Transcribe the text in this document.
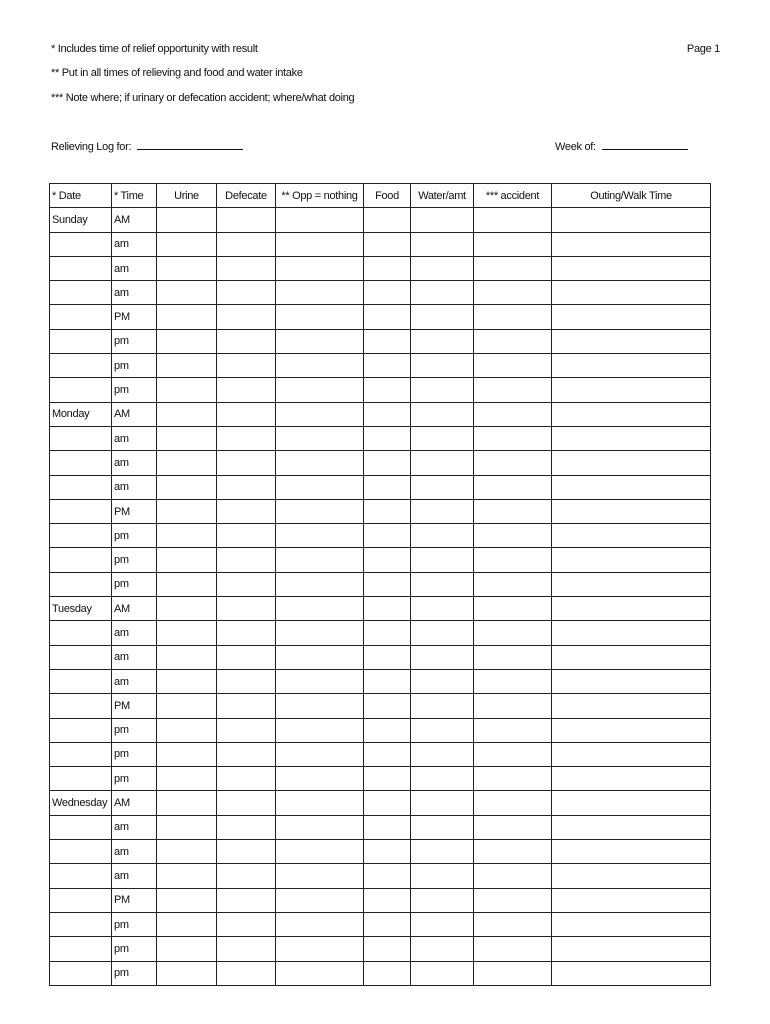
* Includes time of relief opportunity with result
** Put in all times of relieving and food and water intake
*** Note where; if urinary or defecation accident; where/what doing
Page 1
Relieving Log for:	Week of:
* Date	* Time	Urine	Defecate	** Opp = nothing	Food	Water/amt	*** accident	Outing/Walk Time
Sunday	AM							
	am							
	am							
	am							
	PM							
	pm							
	pm							
	pm							
Monday	AM							
	am							
	am							
	am							
	PM							
	pm							
	pm							
	pm							
Tuesday	AM							
	am							
	am							
	am							
	PM							
	pm							
	pm							
	pm							
Wednesday	AM							
	am							
	am							
	am							
	PM							
	pm							
	pm							
	pm							
